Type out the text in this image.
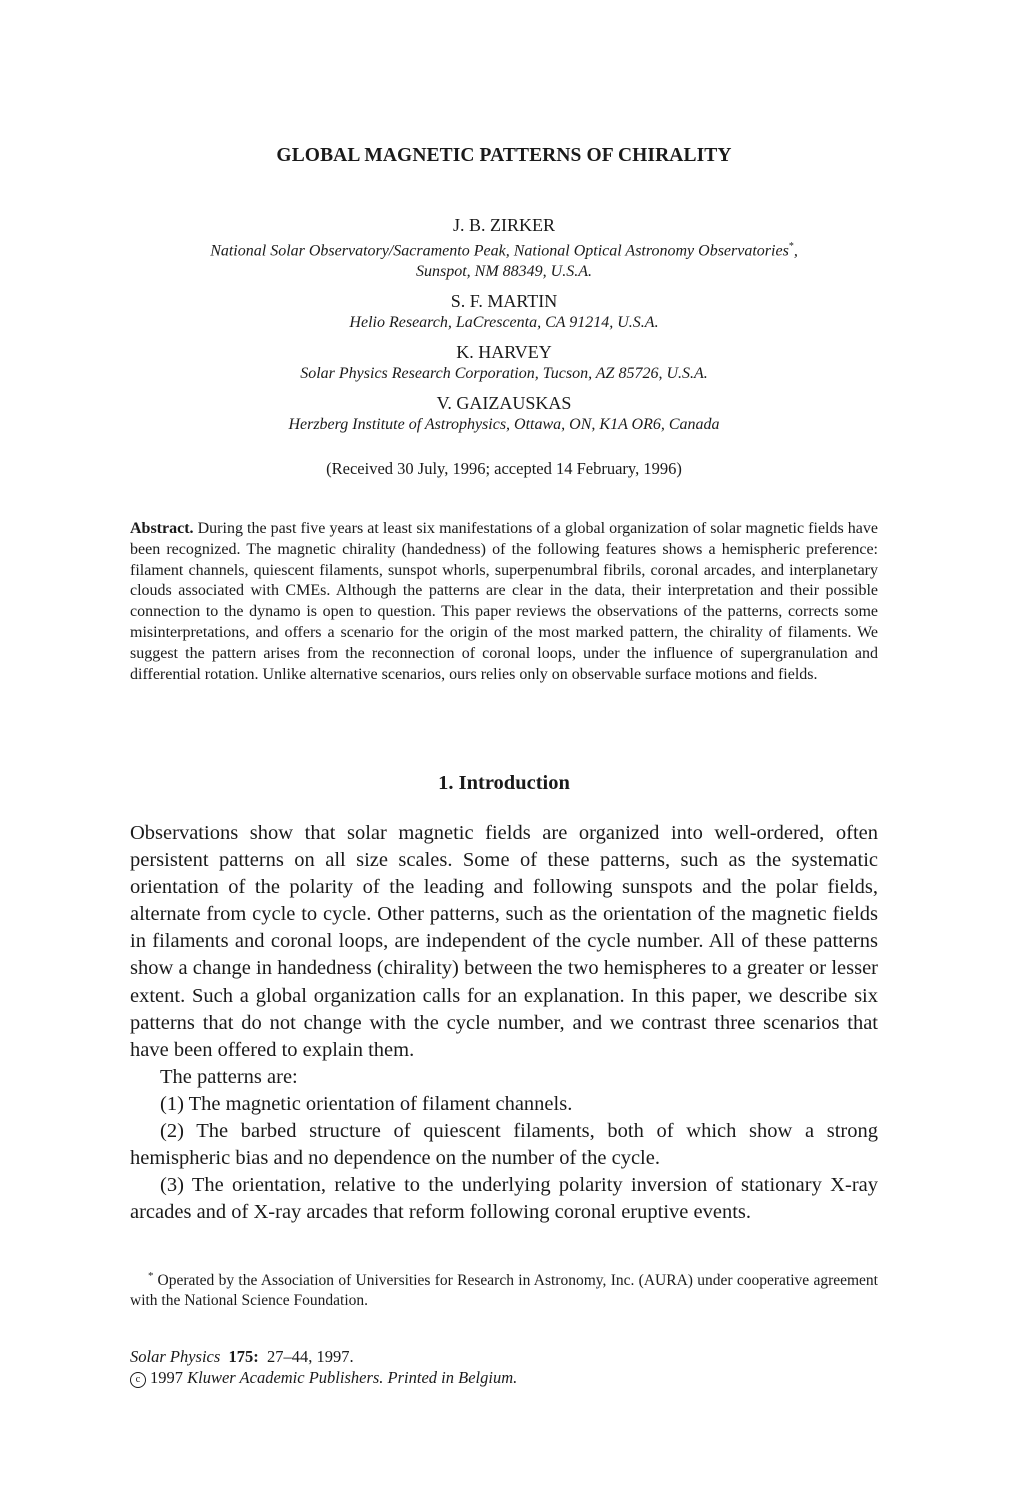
GLOBAL MAGNETIC PATTERNS OF CHIRALITY
J. B. ZIRKER
National Solar Observatory/Sacramento Peak, National Optical Astronomy Observatories*,
Sunspot, NM 88349, U.S.A.
S. F. MARTIN
Helio Research, LaCrescenta, CA 91214, U.S.A.
K. HARVEY
Solar Physics Research Corporation, Tucson, AZ 85726, U.S.A.
V. GAIZAUSKAS
Herzberg Institute of Astrophysics, Ottawa, ON, K1A OR6, Canada
(Received 30 July, 1996; accepted 14 February, 1996)
Abstract. During the past five years at least six manifestations of a global organization of solar magnetic fields have been recognized. The magnetic chirality (handedness) of the following features shows a hemispheric preference: filament channels, quiescent filaments, sunspot whorls, superpenumbral fibrils, coronal arcades, and interplanetary clouds associated with CMEs. Although the patterns are clear in the data, their interpretation and their possible connection to the dynamo is open to question. This paper reviews the observations of the patterns, corrects some misinterpretations, and offers a scenario for the origin of the most marked pattern, the chirality of filaments. We suggest the pattern arises from the reconnection of coronal loops, under the influence of supergranulation and differential rotation. Unlike alternative scenarios, ours relies only on observable surface motions and fields.
1. Introduction

Observations show that solar magnetic fields are organized into well-ordered, often persistent patterns on all size scales. Some of these patterns, such as the systematic orientation of the polarity of the leading and following sunspots and the polar fields, alternate from cycle to cycle. Other patterns, such as the orientation of the magnetic fields in filaments and coronal loops, are independent of the cycle number. All of these patterns show a change in handedness (chirality) between the two hemispheres to a greater or lesser extent. Such a global organization calls for an explanation. In this paper, we describe six patterns that do not change with the cycle number, and we contrast three scenarios that have been offered to explain them.

The patterns are:

(1) The magnetic orientation of filament channels.

(2) The barbed structure of quiescent filaments, both of which show a strong hemispheric bias and no dependence on the number of the cycle.

(3) The orientation, relative to the underlying polarity inversion of stationary X-ray arcades and of X-ray arcades that reform following coronal eruptive events.

* Operated by the Association of Universities for Research in Astronomy, Inc. (AURA) under cooperative agreement with the National Science Foundation.
Solar Physics 175: 27–44, 1997.
c 1997 Kluwer Academic Publishers. Printed in Belgium.
